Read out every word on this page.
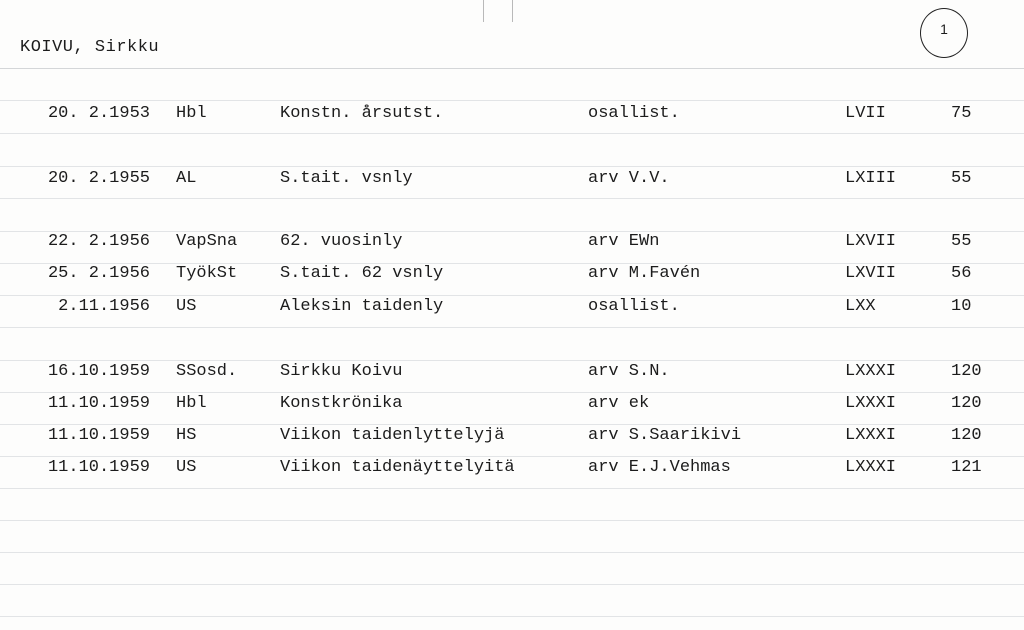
KOIVU, Sirkku
1
20. 2.1953 Hbl	Konstn. årsutst.	osallist.	LVII	75
20. 2.1955 AL	S.tait. vsnly	arv V.V.	LXIII	55
22. 2.1956 VapSna	62. vuosinly	arv EWn	LXVII	55
25. 2.1956 TyökSt	S.tait. 62 vsnly	arv M.Favén	LXVII	56
2.11.1956 US	Aleksin taidenly	osallist.	LXX	10
16.10.1959 SSosd.	Sirkku Koivu	arv S.N.	LXXXI	120
11.10.1959 Hbl	Konstkrönika	arv ek	LXXXI	120
11.10.1959 HS	Viikon taidenlyttelyjä	arv S.Saarikivi	LXXXI	120
11.10.1959 US	Viikon taidenäyttelyitä	arv E.J.Vehmas	LXXXI	121
